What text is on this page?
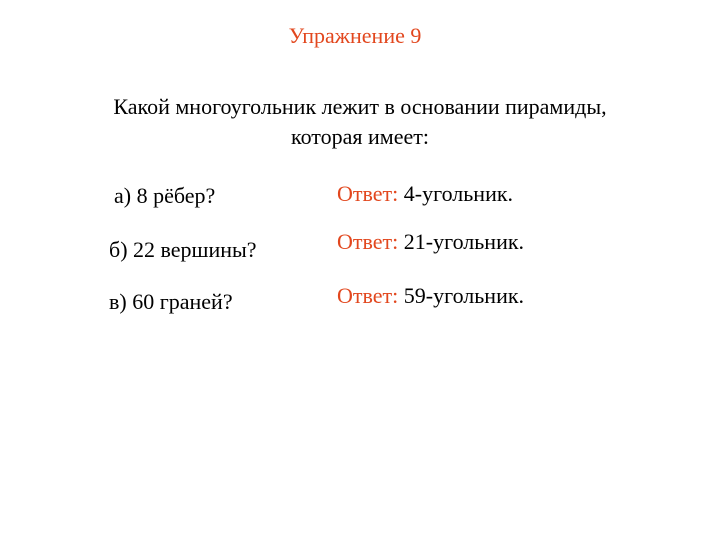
Упражнение 9
Какой многоугольник лежит в основании пирамиды,
которая имеет:
а) 8 рёбер?	Ответ: 4-угольник.
б) 22 вершины?	Ответ: 21-угольник.
в) 60 граней?	Ответ: 59-угольник.
